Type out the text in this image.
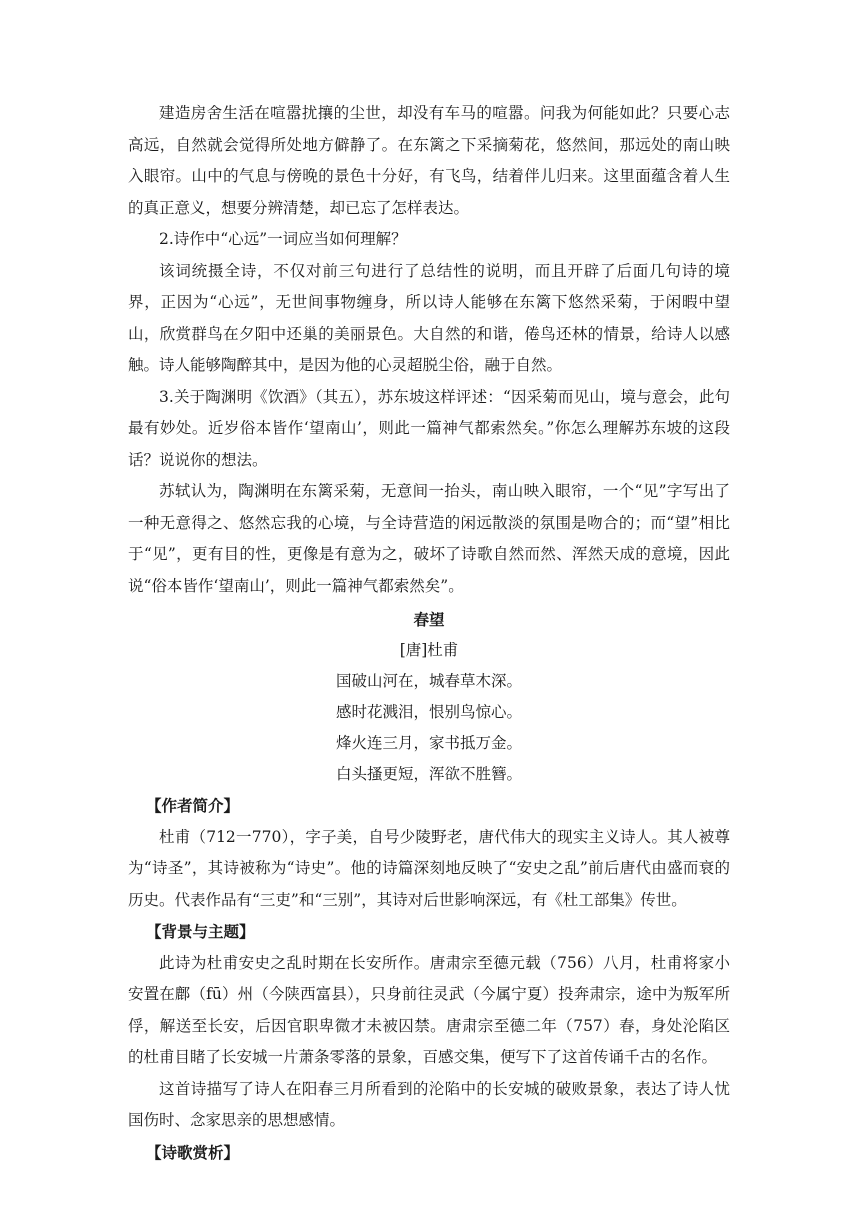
建造房舍生活在喧嚣扰攘的尘世，却没有车马的喧嚣。问我为何能如此？只要心志高远，自然就会觉得所处地方僻静了。在东篱之下采摘菊花，悠然间，那远处的南山映入眼帘。山中的气息与傍晚的景色十分好，有飞鸟，结着伴儿归来。这里面蕴含着人生的真正意义，想要分辨清楚，却已忘了怎样表达。

2.诗作中“心远”一词应当如何理解？

该词统摄全诗，不仅对前三句进行了总结性的说明，而且开辟了后面几句诗的境界，正因为“心远”，无世间事物缠身，所以诗人能够在东篱下悠然采菊，于闲暇中望山，欣赏群鸟在夕阳中还巢的美丽景色。大自然的和谐，倦鸟还林的情景，给诗人以感触。诗人能够陶醉其中，是因为他的心灵超脱尘俗，融于自然。

3.关于陶渊明《饮酒》（其五），苏东坡这样评述：“因采菊而见山，境与意会，此句最有妙处。近岁俗本皆作‘望南山’，则此一篇神气都索然矣。”你怎么理解苏东坡的这段话？说说你的想法。

苏轼认为，陶渊明在东篱采菊，无意间一抬头，南山映入眼帘，一个“见”字写出了一种无意得之、悠然忘我的心境，与全诗营造的闲远散淡的氛围是吻合的；而“望”相比于“见”，更有目的性，更像是有意为之，破坏了诗歌自然而然、浑然天成的意境，因此说“俗本皆作‘望南山’，则此一篇神气都索然矣”。

春望

[唐]杜甫

国破山河在，城春草木深。

感时花溅泪，恨别鸟惊心。

烽火连三月，家书抵万金。

白头搔更短，浑欲不胜簪。

【作者简介】

杜甫（712一770），字子美，自号少陵野老，唐代伟大的现实主义诗人。其人被尊为“诗圣”，其诗被称为“诗史”。他的诗篇深刻地反映了“安史之乱”前后唐代由盛而衰的历史。代表作品有“三吏”和“三别”，其诗对后世影响深远，有《杜工部集》传世。

【背景与主题】

此诗为杜甫安史之乱时期在长安所作。唐肃宗至德元载（756）八月，杜甫将家小安置在鄜（fū）州（今陕西富县），只身前往灵武（今属宁夏）投奔肃宗，途中为叛军所俘，解送至长安，后因官职卑微才未被囚禁。唐肃宗至德二年（757）春，身处沦陷区的杜甫目睹了长安城一片萧条零落的景象，百感交集，便写下了这首传诵千古的名作。

这首诗描写了诗人在阳春三月所看到的沦陷中的长安城的破败景象，表达了诗人忧国伤时、念家思亲的思想感情。

【诗歌赏析】
